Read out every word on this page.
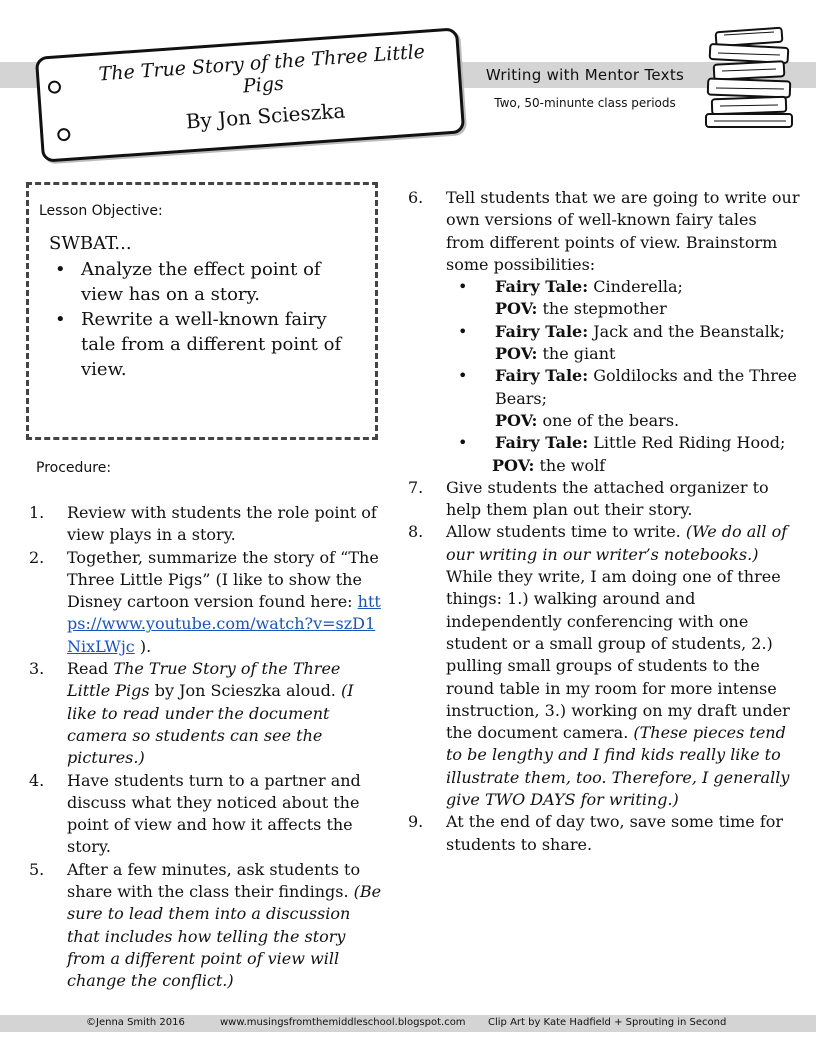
The True Story of the Three Little Pigs
By Jon Scieszka
Writing with Mentor Texts
Two, 50-minunte class periods
Lesson Objective:
SWBAT...
• Analyze the effect point of view has on a story.
• Rewrite a well-known fairy tale from a different point of view.
Procedure:
1.	Review with students the role point of view plays in a story.
2.	Together, summarize the story of “The Three Little Pigs” (I like to show the Disney cartoon version found here: https://www.youtube.com/watch?v=szD1NixLWjc ).
3.	Read The True Story of the Three Little Pigs by Jon Scieszka aloud. (I like to read under the document camera so students can see the pictures.)
4.	Have students turn to a partner and discuss what they noticed about the point of view and how it affects the story.
5.	After a few minutes, ask students to share with the class their findings. (Be sure to lead them into a discussion that includes how telling the story from a different point of view will change the conflict.)
6.	Tell students that we are going to write our own versions of well-known fairy tales from different points of view. Brainstorm some possibilities:
• Fairy Tale: Cinderella;
POV: the stepmother
• Fairy Tale: Jack and the Beanstalk;
POV: the giant
• Fairy Tale: Goldilocks and the Three Bears;
POV: one of the bears.
• Fairy Tale: Little Red Riding Hood;
POV: the wolf
7.	Give students the attached organizer to help them plan out their story.
8.	Allow students time to write. (We do all of our writing in our writer’s notebooks.) While they write, I am doing one of three things: 1.) walking around and independently conferencing with one student or a small group of students, 2.) pulling small groups of students to the round table in my room for more intense instruction, 3.) working on my draft under the document camera. (These pieces tend to be lengthy and I find kids really like to illustrate them, too. Therefore, I generally give TWO DAYS for writing.)
9.	At the end of day two, save some time for students to share.
©Jenna Smith 2016	www.musingsfromthemiddleschool.blogspot.com Clip Art by Kate Hadfield + Sprouting in Second
